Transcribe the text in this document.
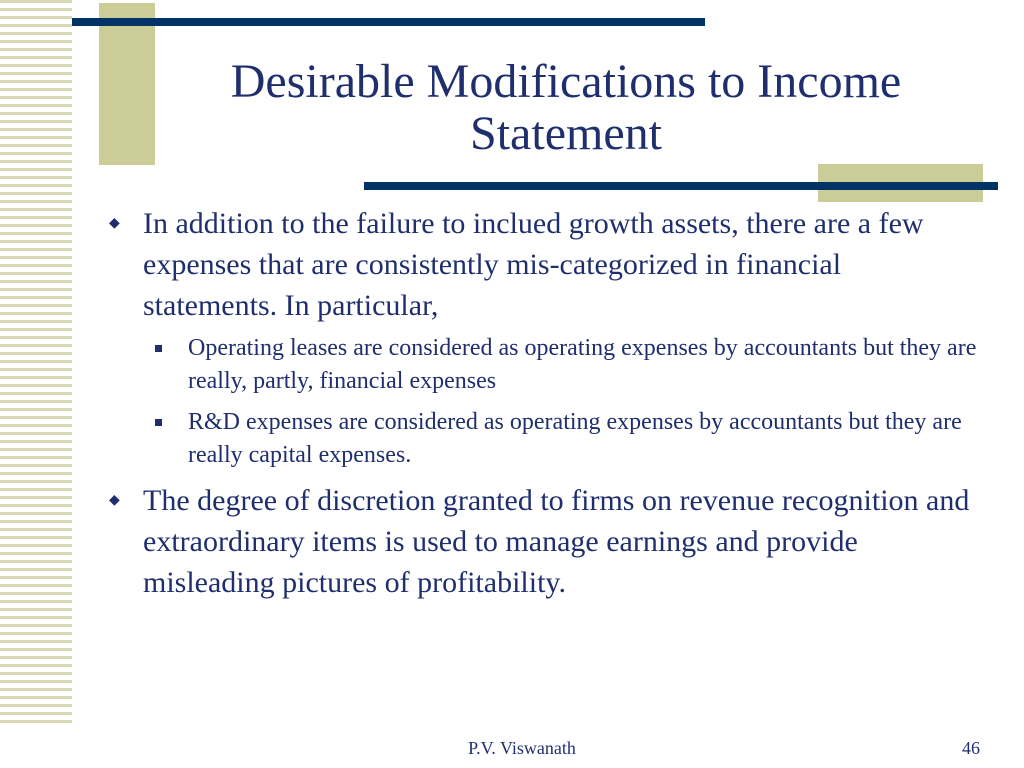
Desirable Modifications to Income Statement

◆ In addition to the failure to inclued growth assets, there are a few expenses that are consistently mis-categorized in financial statements. In particular,

Operating leases are considered as operating expenses by accountants but they are really, partly, financial expenses

R&D expenses are considered as operating expenses by accountants but they are really capital expenses.

◆ The degree of discretion granted to firms on revenue recognition and extraordinary items is used to manage earnings and provide misleading pictures of profitability.

P.V. Viswanath	46
